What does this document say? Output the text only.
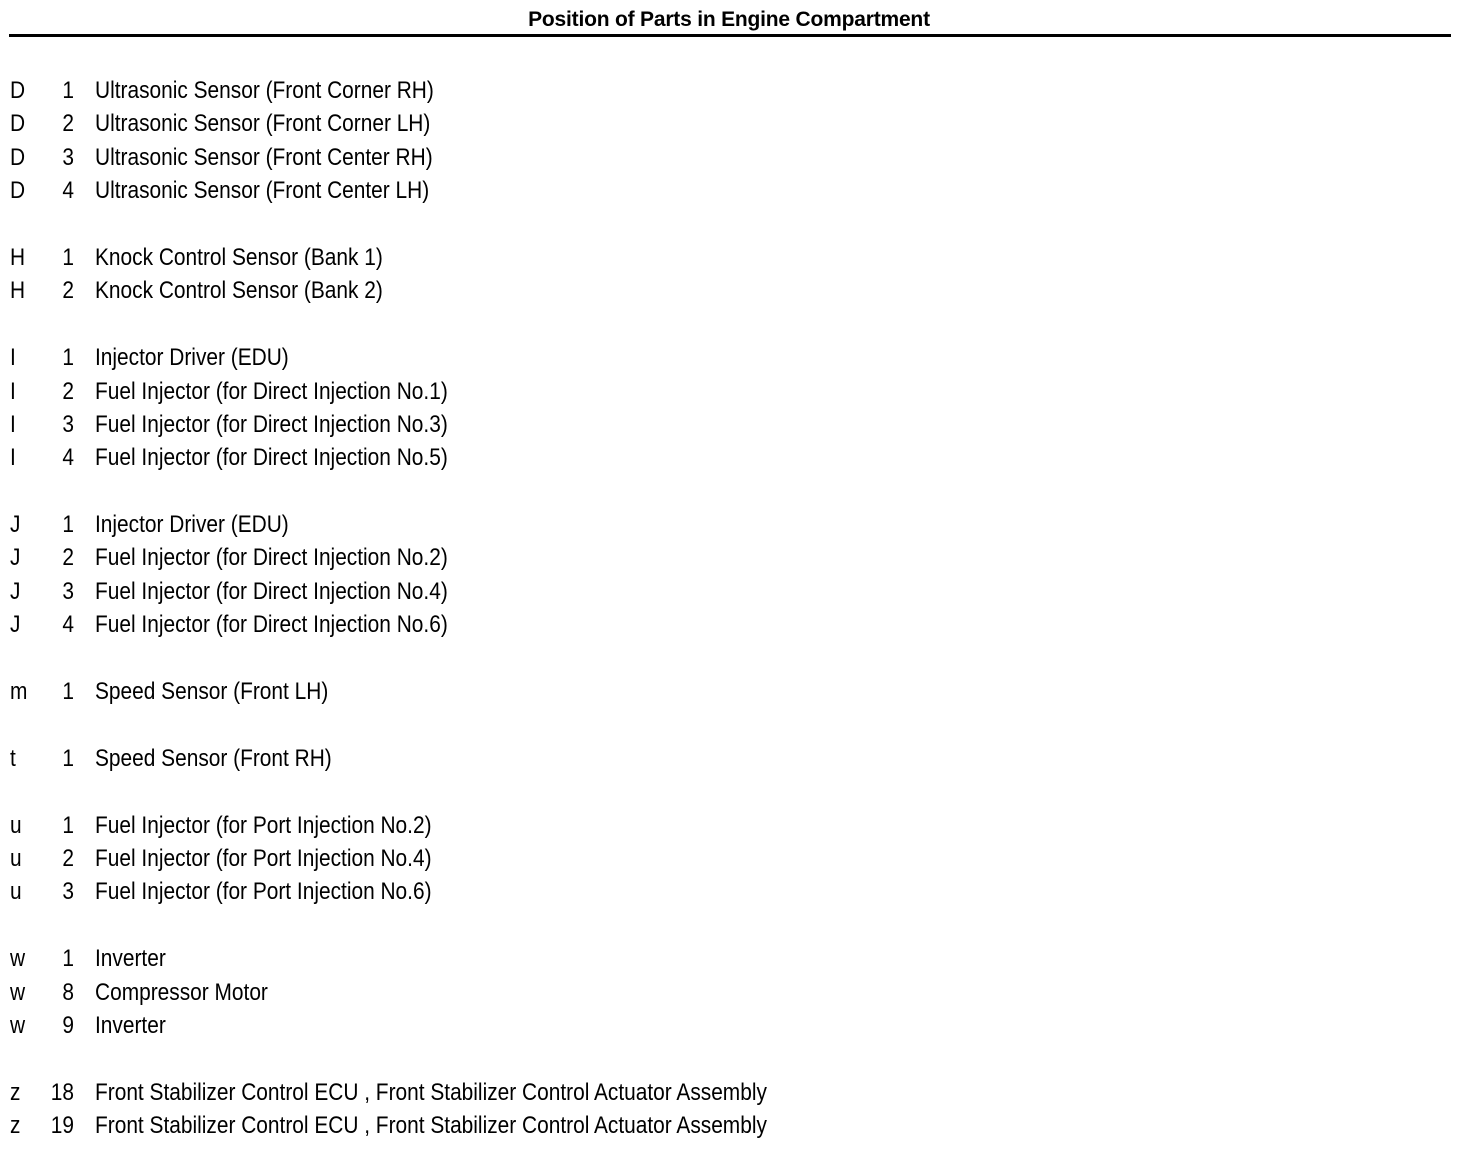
Position of Parts in Engine Compartment
D	1 Ultrasonic Sensor (Front Corner RH)
D	2 Ultrasonic Sensor (Front Corner LH)
D	3 Ultrasonic Sensor (Front Center RH)
D	4 Ultrasonic Sensor (Front Center LH)
H	1 Knock Control Sensor (Bank 1)
H	2 Knock Control Sensor (Bank 2)
I	1 Injector Driver (EDU)
I	2 Fuel Injector (for Direct Injection No.1)
I	3 Fuel Injector (for Direct Injection No.3)
I	4 Fuel Injector (for Direct Injection No.5)
J	1 Injector Driver (EDU)
J	2 Fuel Injector (for Direct Injection No.2)
J	3 Fuel Injector (for Direct Injection No.4)
J	4 Fuel Injector (for Direct Injection No.6)
m	1 Speed Sensor (Front LH)
t	1 Speed Sensor (Front RH)
u	1 Fuel Injector (for Port Injection No.2)
u	2 Fuel Injector (for Port Injection No.4)
u	3 Fuel Injector (for Port Injection No.6)
w	1 Inverter
w	8 Compressor Motor
w	9 Inverter
z	18 Front Stabilizer Control ECU , Front Stabilizer Control Actuator Assembly
z	19 Front Stabilizer Control ECU , Front Stabilizer Control Actuator Assembly
